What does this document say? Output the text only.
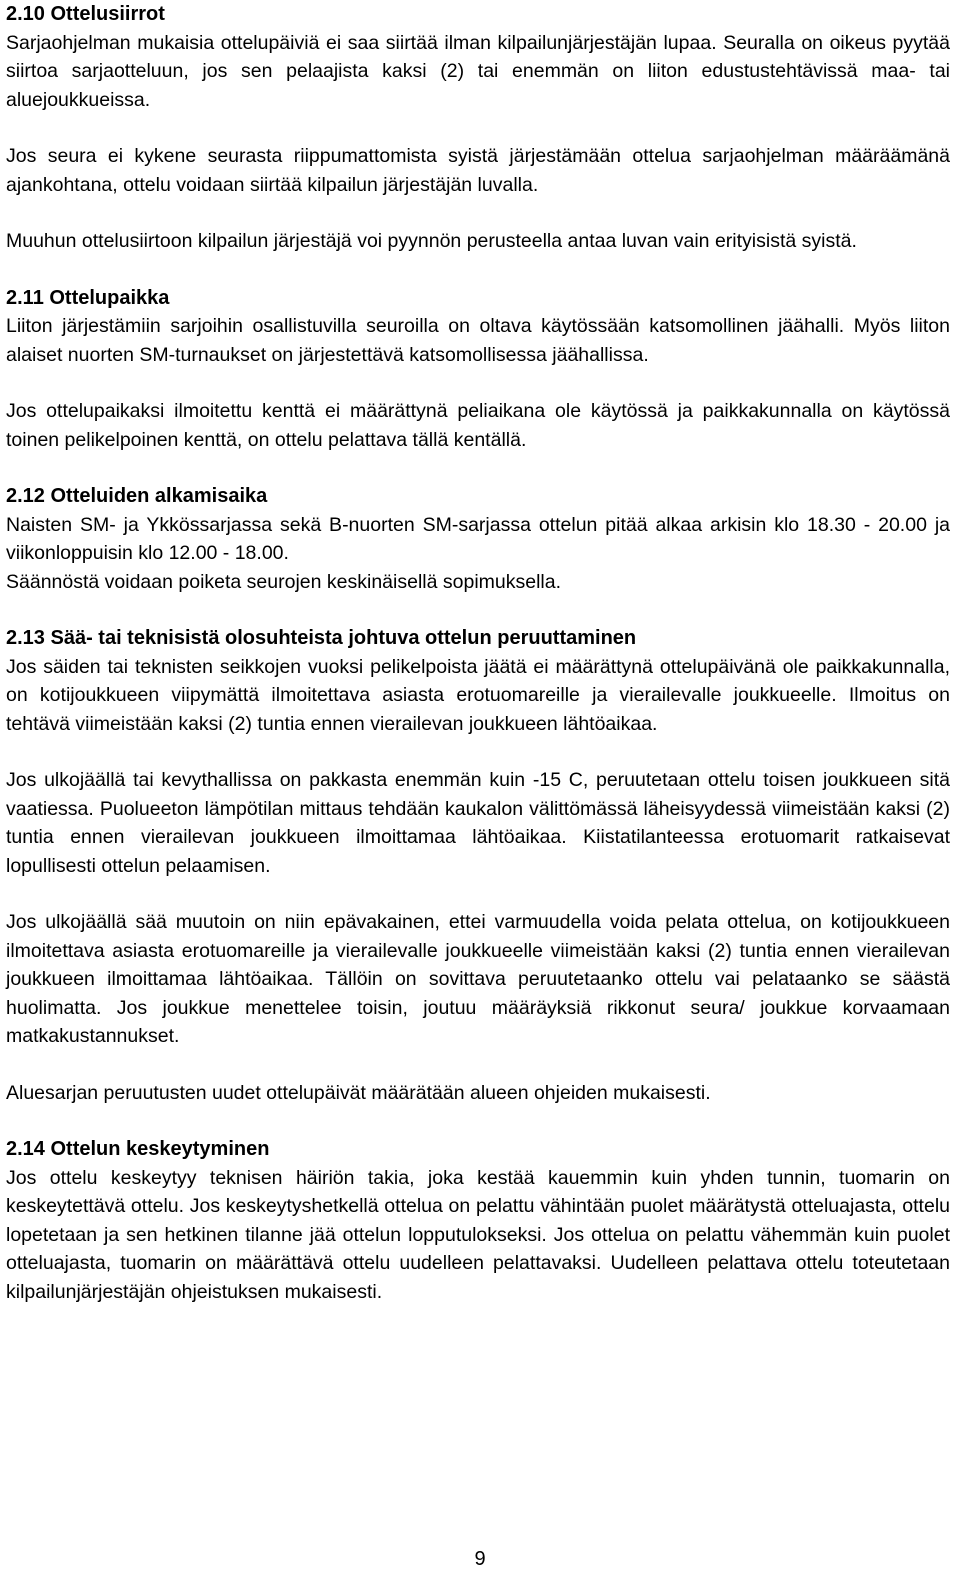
2.10 Ottelusiirrot

Sarjaohjelman mukaisia ottelupäiviä ei saa siirtää ilman kilpailunjärjestäjän lupaa. Seuralla on oikeus pyytää siirtoa sarjaotteluun, jos sen pelaajista kaksi (2) tai enemmän on liiton edustustehtävissä maa- tai aluejoukkueissa.

Jos seura ei kykene seurasta riippumattomista syistä järjestämään ottelua sarjaohjelman määräämänä ajankohtana, ottelu voidaan siirtää kilpailun järjestäjän luvalla.

Muuhun ottelusiirtoon kilpailun järjestäjä voi pyynnön perusteella antaa luvan vain erityisistä syistä.

2.11 Ottelupaikka

Liiton järjestämiin sarjoihin osallistuvilla seuroilla on oltava käytössään katsomollinen jäähalli. Myös liiton alaiset nuorten SM-turnaukset on järjestettävä katsomollisessa jäähallissa.

Jos ottelupaikaksi ilmoitettu kenttä ei määrättynä peliaikana ole käytössä ja paikkakunnalla on käytössä toinen pelikelpoinen kenttä, on ottelu pelattava tällä kentällä.

2.12 Otteluiden alkamisaika

Naisten SM- ja Ykkössarjassa sekä B-nuorten SM-sarjassa ottelun pitää alkaa arkisin klo 18.30 - 20.00 ja viikonloppuisin klo 12.00 - 18.00.

Säännöstä voidaan poiketa seurojen keskinäisellä sopimuksella.

2.13 Sää- tai teknisistä olosuhteista johtuva ottelun peruuttaminen

Jos säiden tai teknisten seikkojen vuoksi pelikelpoista jäätä ei määrättynä ottelupäivänä ole paikkakunnalla, on kotijoukkueen viipymättä ilmoitettava asiasta erotuomareille ja vierailevalle joukkueelle. Ilmoitus on tehtävä viimeistään kaksi (2) tuntia ennen vierailevan joukkueen lähtöaikaa.

Jos ulkojäällä tai kevythallissa on pakkasta enemmän kuin -15 C, peruutetaan ottelu toisen joukkueen sitä vaatiessa. Puolueeton lämpötilan mittaus tehdään kaukalon välittömässä läheisyydessä viimeistään kaksi (2) tuntia ennen vierailevan joukkueen ilmoittamaa lähtöaikaa. Kiistatilanteessa erotuomarit ratkaisevat lopullisesti ottelun pelaamisen.

Jos ulkojäällä sää muutoin on niin epävakainen, ettei varmuudella voida pelata ottelua, on kotijoukkueen ilmoitettava asiasta erotuomareille ja vierailevalle joukkueelle viimeistään kaksi (2) tuntia ennen vierailevan joukkueen ilmoittamaa lähtöaikaa. Tällöin on sovittava peruutetaanko ottelu vai pelataanko se säästä huolimatta. Jos joukkue menettelee toisin, joutuu määräyksiä rikkonut seura/ joukkue korvaamaan matkakustannukset.

Aluesarjan peruutusten uudet ottelupäivät määrätään alueen ohjeiden mukaisesti.

2.14 Ottelun keskeytyminen

Jos ottelu keskeytyy teknisen häiriön takia, joka kestää kauemmin kuin yhden tunnin, tuomarin on keskeytettävä ottelu. Jos keskeytyshetkellä ottelua on pelattu vähintään puolet määrätystä otteluajasta, ottelu lopetetaan ja sen hetkinen tilanne jää ottelun lopputulokseksi. Jos ottelua on pelattu vähemmän kuin puolet otteluajasta, tuomarin on määrättävä ottelu uudelleen pelattavaksi. Uudelleen pelattava ottelu toteutetaan kilpailunjärjestäjän ohjeistuksen mukaisesti.

9
